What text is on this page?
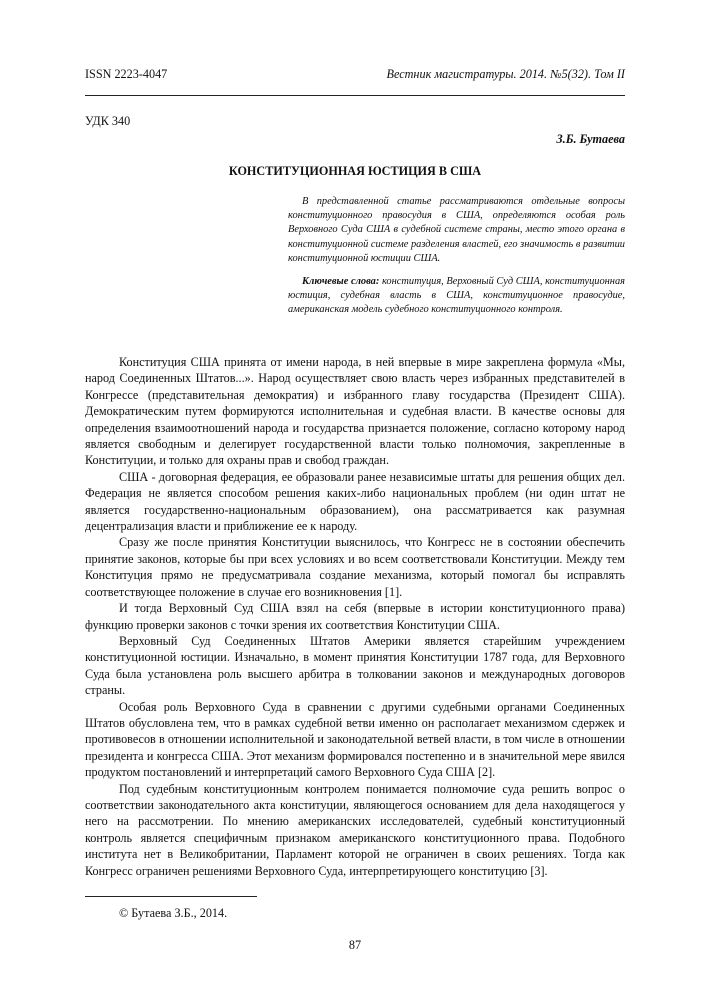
ISSN 2223-4047	Вестник магистратуры. 2014. №5(32). Том II
УДК 340
З.Б. Бутаева
КОНСТИТУЦИОННАЯ ЮСТИЦИЯ В США

В представленной статье рассматриваются отдельные вопросы конституционного правосудия в США, определяются особая роль Верховного Суда США в судебной системе страны, место этого органа в конституционной системе разделения властей, его значимость в развитии конституционной юстиции США.

Ключевые слова: конституция, Верховный Суд США, конституционная юстиция, судебная власть в США, конституционное правосудие, американская модель судебного конституционного контроля.

Конституция США принята от имени народа, в ней впервые в мире закреплена формула «Мы, народ Соединенных Штатов...». Народ осуществляет свою власть через избранных представителей в Конгрессе (представительная демократия) и избранного главу государства (Президент США). Демократическим путем формируются исполнительная и судебная власти. В качестве основы для определения взаимоотношений народа и государства признается положение, согласно которому народ является свободным и делегирует государственной власти только полномочия, закрепленные в Конституции, и только для охраны прав и свобод граждан.

США - договорная федерация, ее образовали ранее независимые штаты для решения общих дел. Федерация не является способом решения каких-либо национальных проблем (ни один штат не является государственно-национальным образованием), она рассматривается как разумная децентрализация власти и приближение ее к народу.

Сразу же после принятия Конституции выяснилось, что Конгресс не в состоянии обеспечить принятие законов, которые бы при всех условиях и во всем соответствовали Конституции. Между тем Конституция прямо не предусматривала создание механизма, который помогал бы исправлять соответствующее положение в случае его возникновения [1].

И тогда Верховный Суд США взял на себя (впервые в истории конституционного права) функцию проверки законов с точки зрения их соответствия Конституции США.

Верховный Суд Соединенных Штатов Америки является старейшим учреждением конституционной юстиции. Изначально, в момент принятия Конституции 1787 года, для Верховного Суда была установлена роль высшего арбитра в толковании законов и международных договоров страны.

Особая роль Верховного Суда в сравнении с другими судебными органами Соединенных Штатов обусловлена тем, что в рамках судебной ветви именно он располагает механизмом сдержек и противовесов в отношении исполнительной и законодательной ветвей власти, в том числе в отношении президента и конгресса США. Этот механизм формировался постепенно и в значительной мере явился продуктом постановлений и интерпретаций самого Верховного Суда США [2].

Под судебным конституционным контролем понимается полномочие суда решить вопрос о соответствии законодательного акта конституции, являющегося основанием для дела находящегося у него на рассмотрении. По мнению американских исследователей, судебный конституционный контроль является специфичным признаком американского конституционного права. Подобного института нет в Великобритании, Парламент которой не ограничен в своих решениях. Тогда как Конгресс ограничен решениями Верховного Суда, интерпретирующего конституцию [3].

© Бутаева З.Б., 2014.
87
